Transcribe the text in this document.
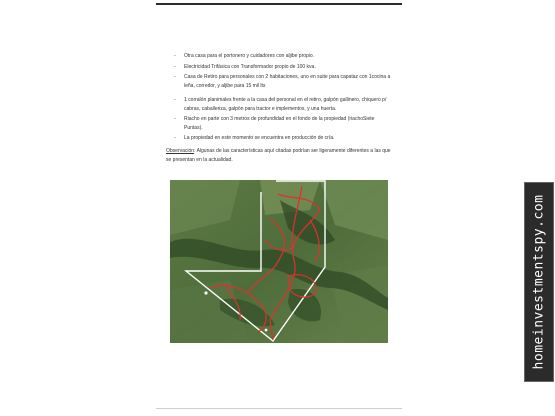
- Otra casa para el portonero y cuidadores con aljibe propio.
- Electricidad Trifásica con Transformador propio de 100 kva.
- Casa de Retiro para personales con 2 habitaciones, uno en suite para capataz con 1cocina a leña, corredor, y aljibe para 15 mil lts
- 1 corralón planimales frente a la casa del personal en el retiro, galpón gallinero, chiquero p/ cabras, caballeriza, galpón para tractor e implementos, y una huerta.
- Riacho en parte con 3 metros de profundidad en el fondo de la propiedad (riachoSiete Puntas).
- La propiedad en este momento se encuentra en producción de cría.
Observación: Algunas de las características aquí citadas podrían ser ligeramente diferentes a las que se presentan en la actualidad.
homeinvestmentspy.com
